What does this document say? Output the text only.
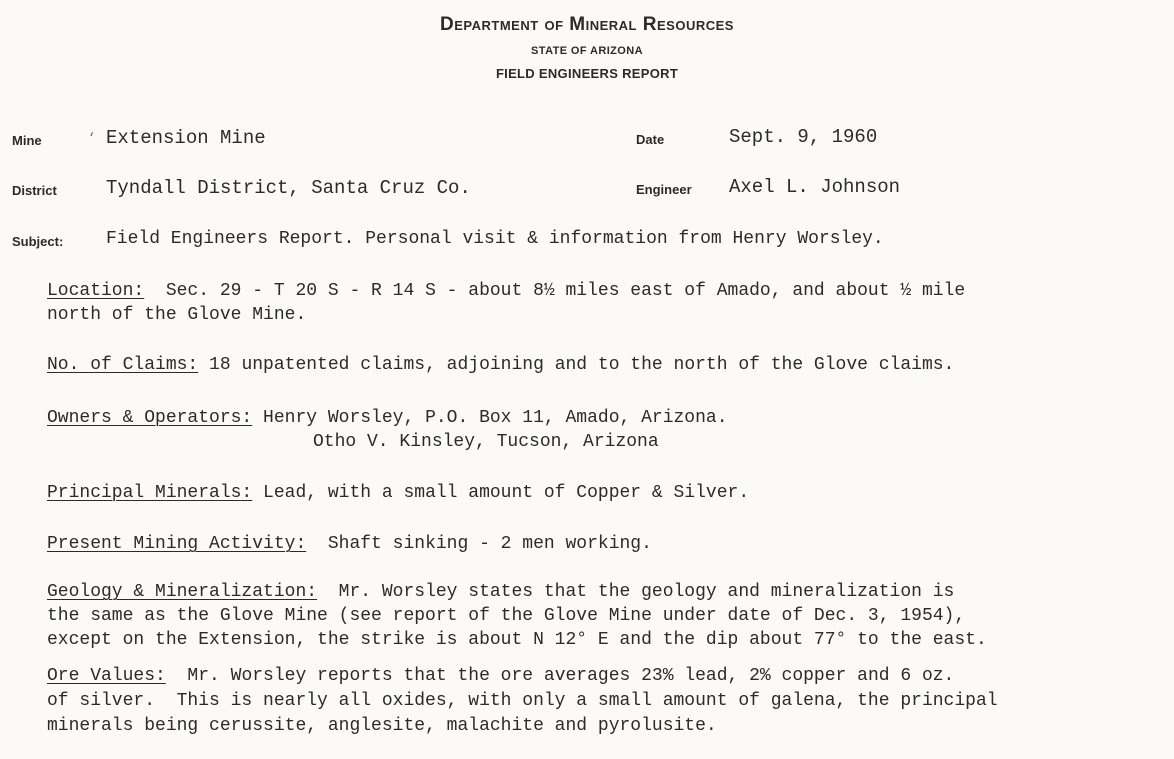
Department of Mineral Resources
STATE OF ARIZONA
FIELD ENGINEERS REPORT
Mine	‘ Extension Mine	Date	Sept. 9, 1960
District	Tyndall District, Santa Cruz Co.	Engineer Axel L. Johnson
Subject: Field Engineers Report. Personal visit & information from Henry Worsley.
Location:  Sec. 29 - T 20 S - R 14 S - about 8½ miles east of Amado, and about ½ mile
north of the Glove Mine.
No. of Claims: 18 unpatented claims, adjoining and to the north of the Glove claims.
Owners & Operators: Henry Worsley, P.O. Box 11, Amado, Arizona.
Otho V. Kinsley, Tucson, Arizona
Principal Minerals: Lead, with a small amount of Copper & Silver.
Present Mining Activity:  Shaft sinking - 2 men working.
Geology & Mineralization:  Mr. Worsley states that the geology and mineralization is
the same as the Glove Mine (see report of the Glove Mine under date of Dec. 3, 1954),
except on the Extension, the strike is about N 12° E and the dip about 77° to the east.
Ore Values:  Mr. Worsley reports that the ore averages 23% lead, 2% copper and 6 oz.
of silver.  This is nearly all oxides, with only a small amount of galena, the principal
minerals being cerussite, anglesite, malachite and pyrolusite.
